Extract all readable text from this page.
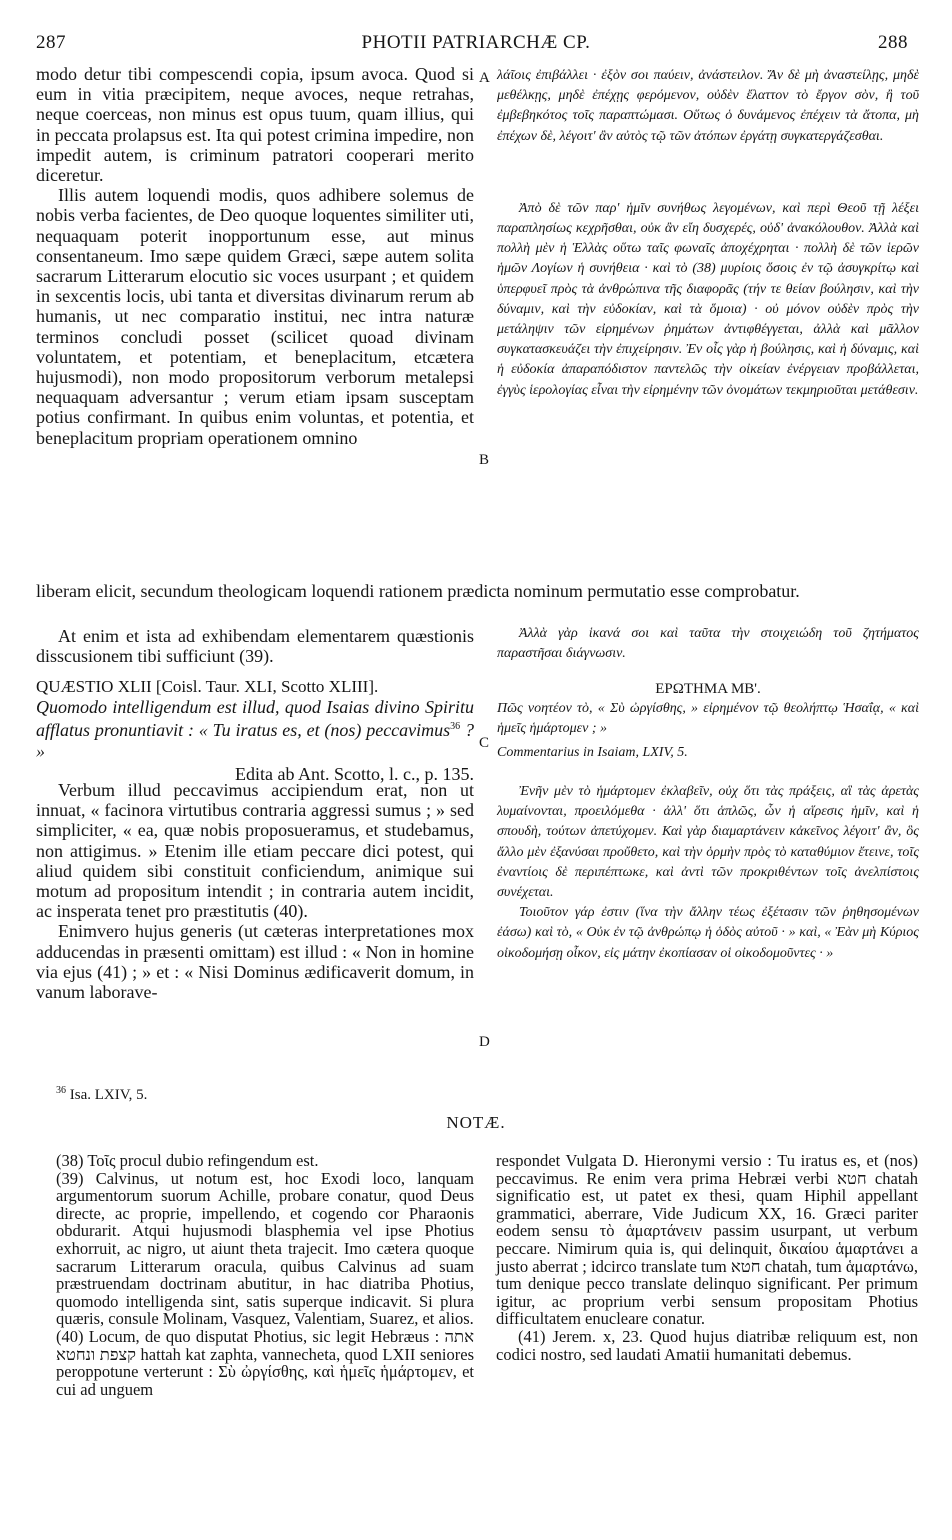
287	PHOTII PATRIARCHÆ CP.	288
A
B
C
D

modo detur tibi compescendi copia, ipsum avoca. Quod si eum in vitia præcipitem, neque avoces, neque retrahas, neque coerceas, non minus est opus tuum, quam illius, qui in peccata prolapsus est. Ita qui potest crimina impedire, non impedit autem, is criminum patratori cooperari merito diceretur.

Illis autem loquendi modis, quos adhibere solemus de nobis verba facientes, de Deo quoque loquentes similiter uti, nequaquam poterit inopportunum esse, aut minus consentaneum. Imo sæpe quidem Græci, sæpe autem solita sacrarum Litterarum elocutio sic voces usurpant ; et quidem in sexcentis locis, ubi tanta et diversitas divinarum rerum ab humanis, ut nec comparatio institui, nec intra naturæ terminos concludi posset (scilicet quoad divinam voluntatem, et potentiam, et beneplacitum, etcætera hujusmodi), non modo propositorum verborum metalepsi nequaquam adversantur ; verum etiam ipsam susceptam potius confirmant. In quibus enim voluntas, et potentia, et beneplacitum propriam operationem omnino

λάῖοις ἐπιβάλλει · ἐξὸν σοι παύειν, ἀνάστειλον. Ἄν δὲ μὴ ἀναστείλῃς, μηδὲ μεθέλκῃς, μηδὲ ἐπέχῃς φερόμενον, οὐδὲν ἔλαττον τὸ ἔργον σὸν, ἢ τοῦ ἐμβεβηκότος τοῖς παραπτώμασι. Οὕτως ὁ δυνάμενος ἐπέχειν τὰ ἄτοπα, μὴ ἐπέχων δὲ, λέγοιτ' ἂν αὐτὸς τῷ τῶν ἀτόπων ἐργάτῃ συγκατεργάζεσθαι.

Ἀπὸ δὲ τῶν παρ' ἡμῖν συνήθως λεγομένων, καὶ περὶ Θεοῦ τῇ λέξει παραπλησίως κεχρῆσθαι, οὐκ ἂν εἴη δυσχερές, οὐδ' ἀνακόλουθον. Ἀλλὰ καὶ πολλὴ μὲν ἡ Ἑλλὰς οὕτω ταῖς φωναῖς ἀποχέχρηται · πολλὴ δὲ τῶν ἱερῶν ἡμῶν Λογίων ἡ συνήθεια · καὶ τὸ (38) μυρίοις ὅσοις ἐν τῷ ἀσυγκρίτῳ καὶ ὑπερφυεῖ πρὸς τὰ ἀνθρώπινα τῆς διαφορᾶς (τήν τε θείαν βούλησιν, καὶ τὴν δύναμιν, καὶ τὴν εὐδοκίαν, καὶ τὰ ὅμοια) · οὐ μόνον οὐδὲν πρὸς τὴν μετάληψιν τῶν εἰρημένων ῥημάτων ἀντιφθέγγεται, ἀλλὰ καὶ μᾶλλον συγκατασκευάζει τὴν ἐπιχείρησιν. Ἐν οἷς γὰρ ἡ βούλησις, καὶ ἡ δύναμις, καὶ ἡ εὐδοκία ἀπαραπόδιστον παντελῶς τὴν οἰκείαν ἐνέργειαν προβάλλεται, ἐγγὺς ἱερολογίας εἶναι τὴν εἰρημένην τῶν ὀνομάτων τεκμηριοῦται μετάθεσιν.

liberam elicit, secundum theologicam loquendi rationem prædicta nominum permutatio esse comprobatur.

At enim et ista ad exhibendam elementarem quæstionis disscusionem tibi sufficiunt (39).

Ἀλλὰ γὰρ ἱκανά σοι καὶ ταῦτα τὴν στοιχειώδη τοῦ ζητήματος παραστῆσαι διάγνωσιν.

QUÆSTIO XLII [Coisl. Taur. XLI, Scotto XLIII].

Quomodo intelligendum est illud, quod Isaias divino Spiritu afflatus pronuntiavit : « Tu iratus es, et (nos) peccavimus$^{36}$ ? »

Edita ab Ant. Scotto, l. c., p. 135.

ΕΡΩΤΗΜΑ ΜΒ'.

Πῶς νοητέον τὸ, « Σὺ ὠργίσθης, » εἰρημένον τῷ θεολήπτῳ Ἡσαΐᾳ, « καὶ ἡμεῖς ἡμάρτομεν ; »

Commentarius in Isaiam, LXIV, 5.

Verbum illud peccavimus accipiendum erat, non ut innuat, « facinora virtutibus contraria aggressi sumus ; » sed simpliciter, « ea, quæ nobis proposueramus, et studebamus, non attigimus. » Etenim ille etiam peccare dici potest, qui aliud quidem sibi constituit conficiendum, animique sui motum ad propositum intendit ; in contraria autem incidit, ac insperata tenet pro præstitutis (40).

Enimvero hujus generis (ut cæteras interpretationes mox adducendas in præsenti omittam) est illud : « Non in homine via ejus (41) ; » et : « Nisi Dominus ædificaverit domum, in vanum laborave-

Ἐνῆν μὲν τὸ ἡμάρτομεν ἐκλαβεῖν, οὐχ ὅτι τὰς πράξεις, αἳ τὰς ἀρετὰς λυμαίνονται, προειλόμεθα · ἀλλ' ὅτι ἁπλῶς, ὧν ἡ αἵρεσις ἡμῖν, καὶ ἡ σπουδὴ, τούτων ἀπετύχομεν. Καὶ γὰρ διαμαρτάνειν κἀκεῖνος λέγοιτ' ἂν, ὃς ἄλλο μὲν ἐξανύσαι προὔθετο, καὶ τὴν ὁρμὴν πρὸς τὸ καταθύμιον ἔτεινε, τοῖς ἐναντίοις δὲ περιπέπτωκε, καὶ ἀντὶ τῶν προκριθέντων τοῖς ἀνελπίστοις συνέχεται.

Τοιοῦτον γάρ ἐστιν (ἵνα τὴν ἄλλην τέως ἐξέτασιν τῶν ῥηθησομένων ἐάσω) καὶ τὸ, « Οὐκ ἐν τῷ ἀνθρώπῳ ἡ ὁδὸς αὐτοῦ · » καὶ, « Ἐὰν μὴ Κύριος οἰκοδομήσῃ οἶκον, εἰς μάτην ἐκοπίασαν οἱ οἰκοδομοῦντες · »

$^{36}$ Isa. LXIV, 5.
NOTÆ.

(38) Τοῖς procul dubio refingendum est.

(39) Calvinus, ut notum est, hoc Exodi loco, lanquam argumentorum suorum Achille, probare conatur, quod Deus directe, ac proprie, impellendo, et cogendo cor Pharaonis obdurarit. Atqui hujusmodi blasphemia vel ipse Photius exhorruit, ac nigro, ut aiunt theta trajecit. Imo cætera quoque sacrarum Litterarum oracula, quibus Calvinus ad suam præstruendam doctrinam abutitur, in hac diatriba Photius, quomodo intelligenda sint, satis superque indicavit. Si plura quæris, consule Molinam, Vasquez, Valentiam, Suarez, et alios.

(40) Locum, de quo disputat Photius, sic legit Hebræus : אתה קצפת ונחטא hattah kat zaphta, vannecheta, quod LXII seniores peroppotune verterunt : Σὺ ὠργίσθης, καὶ ἡμεῖς ἡμάρτομεν, et cui ad unguem

respondet Vulgata D. Hieronymi versio : Tu iratus es, et (nos) peccavimus. Re enim vera prima Hebræi verbi חטא chatah significatio est, ut patet ex thesi, quam Hiphil appellant grammatici, aberrare, Vide Judicum XX, 16. Græci pariter eodem sensu τὸ ἁμαρτάνειν passim usurpant, ut verbum peccare. Nimirum quia is, qui delinquit, δικαίου ἁμαρτάνει a justo aberrat ; idcirco translate tum חטא chatah, tum ἁμαρτάνω, tum denique pecco translate delinquo significant. Per primum igitur, ac proprium verbi sensum propositam Photius difficultatem enucleare conatur.

(41) Jerem. x, 23. Quod hujus diatribæ reliquum est, non codici nostro, sed laudati Amatii humanitati debemus.
